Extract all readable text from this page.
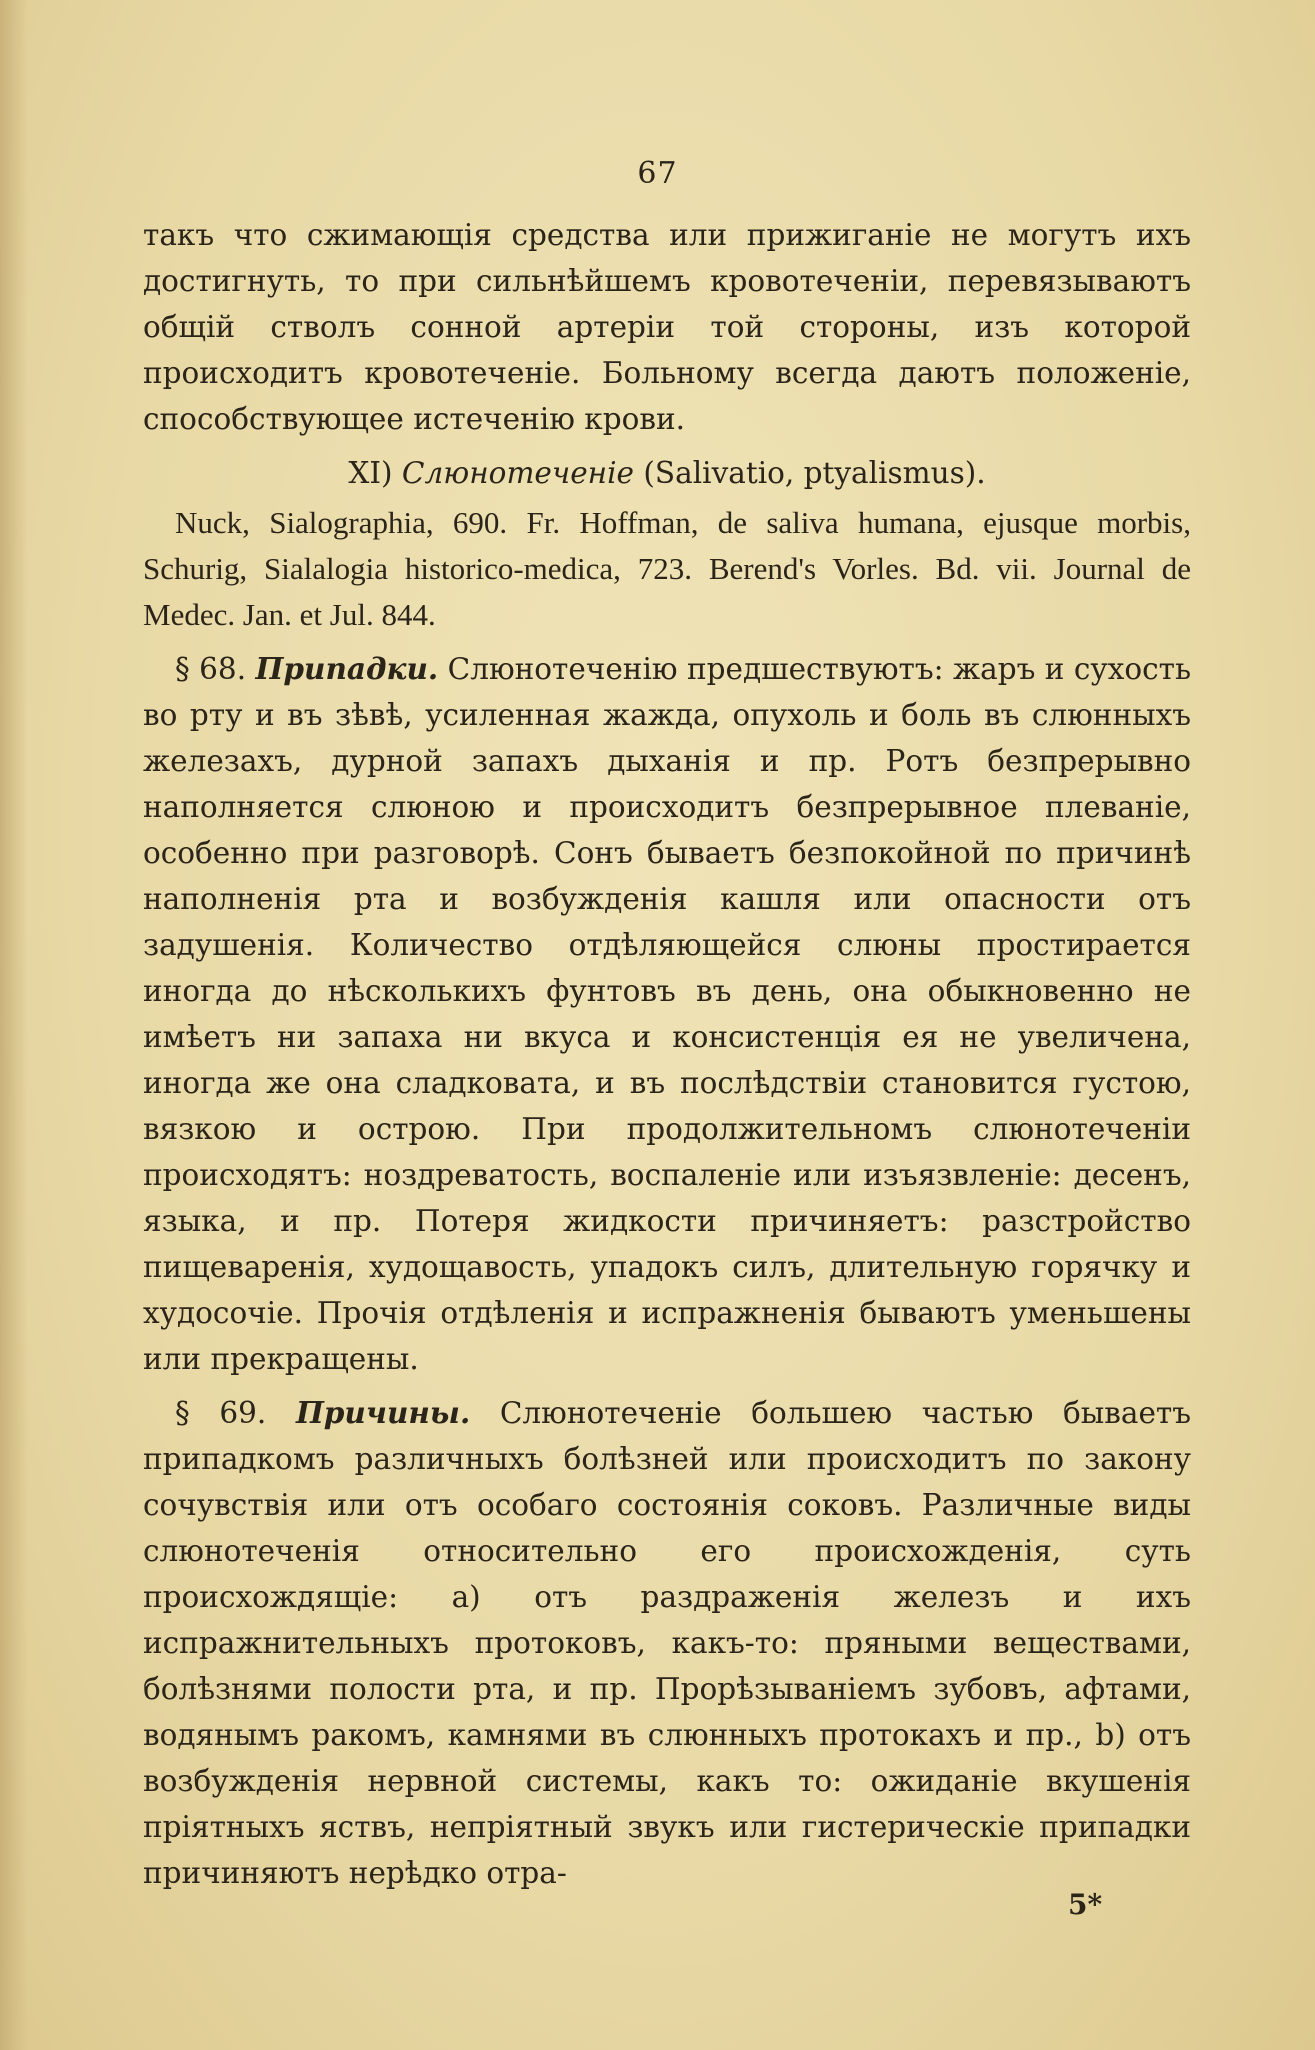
67

такъ что сжимающія средства или прижиганіе не могутъ ихъ достигнуть, то при сильнѣйшемъ кровотеченіи, перевязываютъ общій стволъ сонной артеріи той стороны, изъ которой происходитъ кровотеченіе. Больному всегда даютъ положеніе, способствующее истеченію крови.

XI) Слюнотеченіе (Salivatio, ptyalismus).

Nuck, Sialographia, 690. Fr. Hoffman, de saliva humana, ejusque morbis, Schurig, Sialalogia historico-medica, 723. Berend's Vorles. Bd. vii. Journal de Medec. Jan. et Jul. 844.

§ 68. Припадки. Слюнотеченію предшествуютъ: жаръ и сухость во рту и въ зѣвѣ, усиленная жажда, опухоль и боль въ слюнныхъ железахъ, дурной запахъ дыханія и пр. Ротъ безпрерывно наполняется слюною и происходитъ безпрерывное плеваніе, особенно при разговорѣ. Сонъ бываетъ безпокойной по причинѣ наполненія рта и возбужденія кашля или опасности отъ задушенія. Количество отдѣляющейся слюны простирается иногда до нѣсколькихъ фунтовъ въ день, она обыкновенно не имѣетъ ни запаха ни вкуса и консистенція ея не увеличена, иногда же она сладковата, и въ послѣдствіи становится густою, вязкою и острою. При продолжительномъ слюнотеченіи происходятъ: ноздреватость, воспаленіе или изъязвленіе: десенъ, языка, и пр. Потеря жидкости причиняетъ: разстройство пищеваренія, худощавость, упадокъ силъ, длительную горячку и худосочіе. Прочія отдѣленія и испражненія бываютъ уменьшены или прекращены.

§ 69. Причины. Слюнотеченіе большею частью бываетъ припадкомъ различныхъ болѣзней или происходитъ по закону сочувствія или отъ особаго состоянія соковъ. Различные виды слюнотеченія относительно его происхожденія, суть происхождящіе: a) отъ раздраженія железъ и ихъ испражнительныхъ протоковъ, какъ-то: пряными веществами, болѣзнями полости рта, и пр. Прорѣзываніемъ зубовъ, афтами, водянымъ ракомъ, камнями въ слюнныхъ протокахъ и пр., b) отъ возбужденія нервной системы, какъ то: ожиданіе вкушенія пріятныхъ яствъ, непріятный звукъ или гистерическіе припадки причиняютъ нерѣдко отра-

5*
